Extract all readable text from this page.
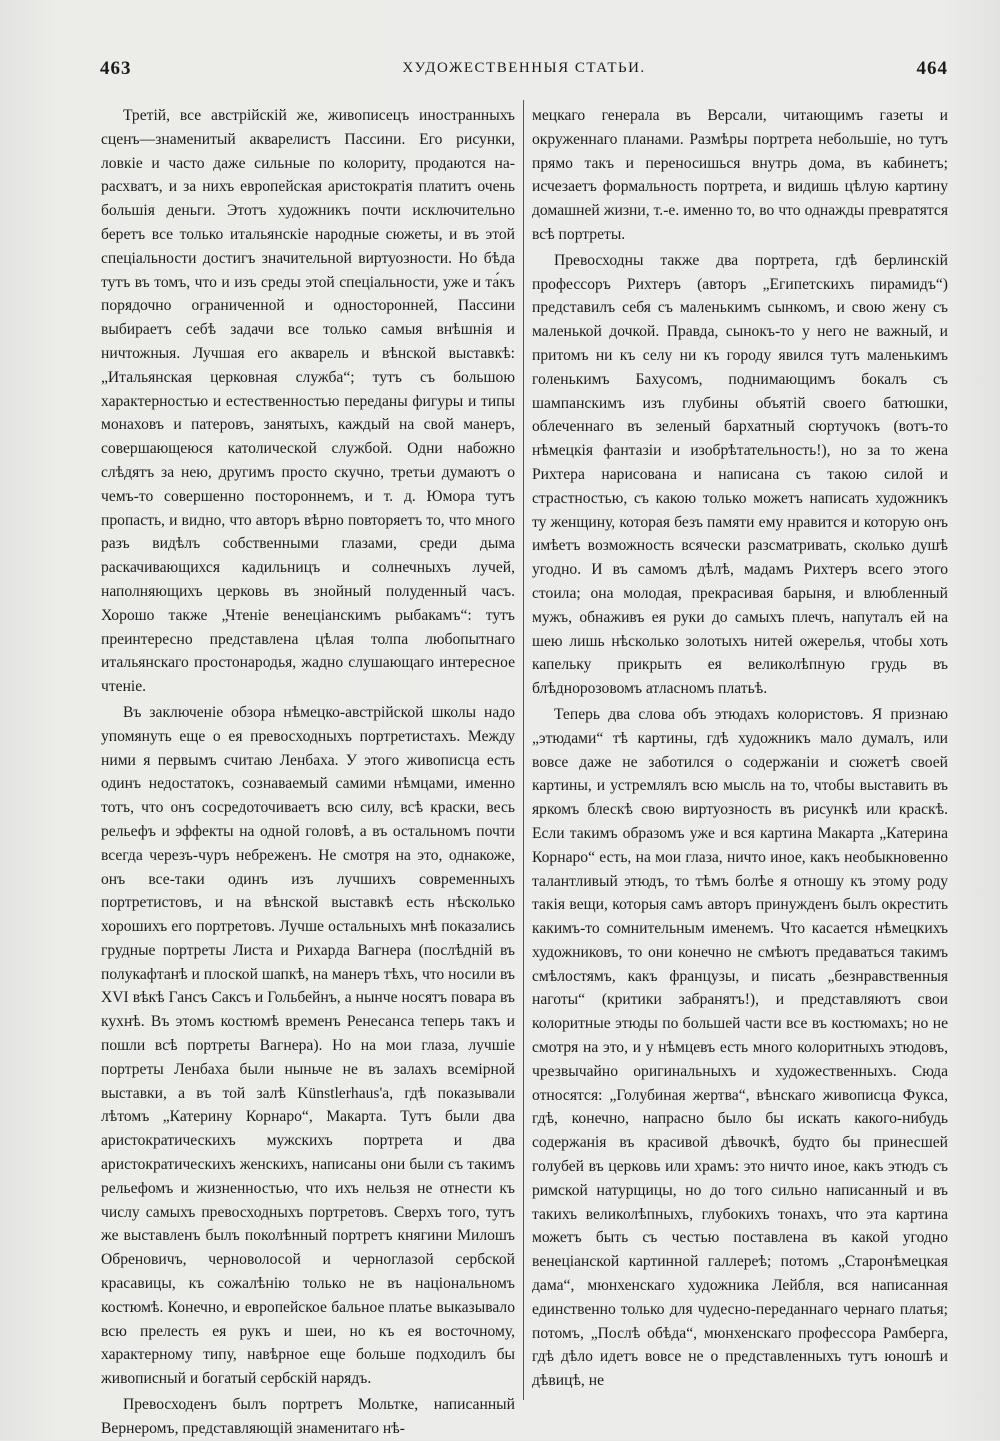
463	ХУДОЖЕСТВЕННЫЯ СТАТЬИ.	464

Третій, все австрійскій же, живописецъ иностранныхъ сценъ—знаменитый акварелистъ Пассини. Его рисунки, ловкіе и часто даже сильные по колориту, продаются на-расхватъ, и за нихъ европейская аристократія платитъ очень большія деньги. Этотъ художникъ почти исключительно беретъ все только итальянскіе народные сюжеты, и въ этой спеціальности достигъ значительной виртуозности. Но бѣда тутъ въ томъ, что и изъ среды этой спеціальности, уже и та́къ порядочно ограниченной и односторонней, Пассини выбираетъ себѣ задачи все только самыя внѣшнія и ничтожныя. Лучшая его акварель и вѣнской выставкѣ: „Итальянская церковная служба“; тутъ съ большою характерностью и естественностью переданы фигуры и типы монаховъ и патеровъ, занятыхъ, каждый на свой манеръ, совершающеюся католической службой. Одни набожно слѣдятъ за нею, другимъ просто скучно, третьи думаютъ о чемъ-то совершенно постороннемъ, и т. д. Юмора тутъ пропасть, и видно, что авторъ вѣрно повторяетъ то, что много разъ видѣлъ собственными глазами, среди дыма раскачивающихся кадильницъ и солнечныхъ лучей, наполняющихъ церковь въ знойный полуденный часъ. Хорошо также „Чтеніе венеціанскимъ рыбакамъ“: тутъ преинтересно представлена цѣлая толпа любопытнаго итальянскаго простонародья, жадно слушающаго интересное чтеніе.

Въ заключеніе обзора нѣмецко-австрійской школы надо упомянуть еще о ея превосходныхъ портретистахъ. Между ними я первымъ считаю Ленбаха. У этого живописца есть одинъ недостатокъ, сознаваемый самими нѣмцами, именно тотъ, что онъ сосредоточиваетъ всю силу, всѣ краски, весь рельефъ и эффекты на одной головѣ, а въ остальномъ почти всегда черезъ-чуръ небреженъ. Не смотря на это, однакоже, онъ все-таки одинъ изъ лучшихъ современныхъ портретистовъ, и на вѣнской выставкѣ есть нѣсколько хорошихъ его портретовъ. Лучше остальныхъ мнѣ показались грудные портреты Листа и Рихарда Вагнера (послѣдній въ полукафтанѣ и плоской шапкѣ, на манеръ тѣхъ, что носили въ XVI вѣкѣ Гансъ Саксъ и Гольбейнъ, а нынче носятъ повара въ кухнѣ. Въ этомъ костюмѣ временъ Ренесанса теперь такъ и пошли всѣ портреты Вагнера). Но на мои глаза, лучшіе портреты Ленбаха были ныньче не въ залахъ всемірной выставки, а въ той залѣ Künstlerhaus'а, гдѣ показывали лѣтомъ „Катерину Корнаро“, Макарта. Тутъ были два аристократическихъ мужскихъ портрета и два аристократическихъ женскихъ, написаны они были съ такимъ рельефомъ и жизненностью, что ихъ нельзя не отнести къ числу самыхъ превосходныхъ портретовъ. Сверхъ того, тутъ же выставленъ былъ поколѣнный портретъ княгини Милошъ Обреновичъ, черноволосой и черноглазой сербской красавицы, къ сожалѣнію только не въ національномъ костюмѣ. Конечно, и европейское бальное платье выказывало всю прелесть ея рукъ и шеи, но къ ея восточному, характерному типу, навѣрное еще больше подходилъ бы живописный и богатый сербскій нарядъ.

Превосходенъ былъ портретъ Мольтке, написанный Вернеромъ, представляющій знаменитаго нѣ-

мецкаго генерала въ Версали, читающимъ газеты и окруженнаго планами. Размѣры портрета небольшіе, но тутъ прямо такъ и переносишься внутрь дома, въ кабинетъ; исчезаетъ формальность портрета, и видишь цѣлую картину домашней жизни, т.-е. именно то, во что однажды превратятся всѣ портреты.

Превосходны также два портрета, гдѣ берлинскій профессоръ Рихтеръ (авторъ „Египетскихъ пирамидъ“) представилъ себя съ маленькимъ сынкомъ, и свою жену съ маленькой дочкой. Правда, сынокъ-то у него не важный, и притомъ ни къ селу ни къ городу явился тутъ маленькимъ голенькимъ Бахусомъ, поднимающимъ бокалъ съ шампанскимъ изъ глубины объятій своего батюшки, облеченнаго въ зеленый бархатный сюртучокъ (вотъ-то нѣмецкія фантазіи и изобрѣтательность!), но за то жена Рихтера нарисована и написана съ такою силой и страстностью, съ какою только можетъ написать художникъ ту женщину, которая безъ памяти ему нравится и которую онъ имѣетъ возможность всячески разсматривать, сколько душѣ угодно. И въ самомъ дѣлѣ, мадамъ Рихтеръ всего этого стоила; она молодая, прекрасивая барыня, и влюбленный мужъ, обнаживъ ея руки до самыхъ плечъ, напуталъ ей на шею лишь нѣсколько золотыхъ нитей ожерелья, чтобы хоть капельку прикрыть ея великолѣпную грудь въ блѣднорозовомъ атласномъ платьѣ.

Теперь два слова объ этюдахъ колористовъ. Я признаю „этюдами“ тѣ картины, гдѣ художникъ мало думалъ, или вовсе даже не заботился о содержаніи и сюжетѣ своей картины, и устремлялъ всю мысль на то, чтобы выставить въ яркомъ блескѣ свою виртуозность въ рисункѣ или краскѣ. Если такимъ образомъ уже и вся картина Макарта „Катерина Корнаро“ есть, на мои глаза, ничто иное, какъ необыкновенно талантливый этюдъ, то тѣмъ болѣе я отношу къ этому роду такія вещи, которыя самъ авторъ принужденъ былъ окрестить какимъ-то сомнительным именемъ. Что касается нѣмецкихъ художниковъ, то они конечно не смѣютъ предаваться такимъ смѣлостямъ, какъ французы, и писать „безнравственныя наготы“ (критики забранятъ!), и представляютъ свои колоритные этюды по большей части все въ костюмахъ; но не смотря на это, и у нѣмцевъ есть много колоритныхъ этюдовъ, чрезвычайно оригинальныхъ и художественныхъ. Сюда относятся: „Голубиная жертва“, вѣнскаго живописца Фукса, гдѣ, конечно, напрасно было бы искать какого-нибудь содержанія въ красивой дѣвочкѣ, будто бы принесшей голубей въ церковь или храмъ: это ничто иное, какъ этюдъ съ римской натурщицы, но до того сильно написанный и въ такихъ великолѣпныхъ, глубокихъ тонахъ, что эта картина можетъ быть съ честью поставлена въ какой угодно венеціанской картинной галлереѣ; потомъ „Старонѣмецкая дама“, мюнхенскаго художника Лейбля, вся написанная единственно только для чудесно-переданнаго чернаго платья; потомъ, „Послѣ обѣда“, мюнхенскаго профессора Рамберга, гдѣ дѣло идетъ вовсе не о представленныхъ тутъ юношѣ и дѣвицѣ, не
